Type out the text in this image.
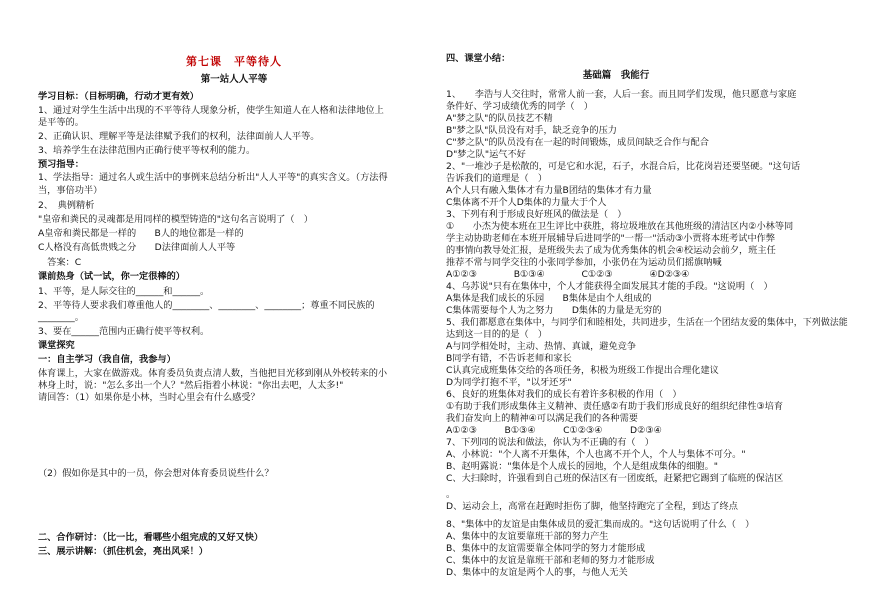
第七课　平等待人
第一站人人平等
学习目标：（目标明确，行动才更有效）
1、通过对学生生活中出现的不平等待人现象分析，使学生知道人在人格和法律地位上
是平等的。
2、正确认识、理解平等是法律赋予我们的权利，法律面前人人平等。
3、培养学生在法律范围内正确行使平等权利的能力。
预习指导：
1、学法指导：通过名人或生活中的事例来总结分析出"人人平等"的真实含义。（方法得
当，事倍功半）
2、　典例精析
"皇帝和粪民的灵魂都是用同样的模型铸造的"这句名言说明了（　）
A皇帝和粪民都是一样的　　B人的地位都是一样的
C人格没有高低贵贱之分　　D法律面前人人平等
　答案：C
课前热身（试一试，你一定很棒的）
1、平等，是人际交往的______和______。
2、平等待人要求我们尊重他人的________、________、________；尊重不同民族的
________。
3、要在______范围内正确行使平等权利。
课堂探究
一：自主学习（我自信，我参与）
体育课上，大家在做游戏。体育委员负责点清人数，当他把目光移到刚从外校转来的小
林身上时，说："怎么多出一个人？"然后指着小林说："你出去吧，人太多!"
请回答：（1）如果你是小林，当时心里会有什么感受？
（2）假如你是其中的一员，你会想对体育委员说些什么？
二、合作研讨：（比一比，看哪些小组完成的又好又快）
三、展示讲解：（抓住机会，亮出风采！）
四、课堂小结：
基础篇　我能行
1、　　李浩与人交往时，常常人前一套，人后一套。而且同学们发现，他只愿意与家庭
条件好、学习成绩优秀的同学（　）
A"梦之队"的队员技艺不精
B"梦之队"队员没有对手，缺乏竞争的压力
C"梦之队"的队员没有在一起的时间锻炼，成员间缺乏合作与配合
D"梦之队"运气不好
2、"一堆沙子是松散的，可是它和水泥，石子，水混合后，比花岗岩还要坚硬。"这句话
告诉我们的道理是（　）
A个人只有融入集体才有力量B团结的集体才有力量
C集体离不开个人D集体的力量大于个人
3、下列有利于形成良好班风的做法是（　）
①　　小杰为使本班在卫生评比中获胜，将垃圾堆放在其他班级的清洁区内②小林等同
学主动协助老师在本班开展辅导后进同学的"一帮一"活动③小贾将本班考试中作弊
的事情向教导处汇报，是班级失去了成为优秀集体的机会④校运动会前夕，班主任
推荐不常与同学交往的小张同学参加，小张仍在为运动员们摇旗呐喊
A①②③　　　　B①③④　　　　C①②③　　　　④D②③④
4、乌苏说"只有在集体中，个人才能获得全面发展其才能的手段。"这说明（　）
A集体是我们成长的乐园　　B集体是由个人组成的
C集体需要每个人为之努力　　D集体的力量是无穷的
5、我们都愿意在集体中，与同学们和睦相处，共同进步，生活在一个团结友爱的集体中，下列做法能
达到这一目的的是（　）
A与同学相处时，主动、热情、真诚，避免竞争
B同学有错，不告诉老师和家长
C认真完成班集体交给的各项任务，积极为班级工作提出合理化建议
D为同学打抱不平，"以牙还牙"
6、良好的班集体对我们的成长有着许多积极的作用（　）
①有助于我们形成集体主义精神、责任感②有助于我们形成良好的组织纪律性③培育
我们奋发向上的精神④可以满足我们的各种需要
A①②③　　　B①③④　　　C①②③④　　　D②③④
7、下列同的说法和做法，你认为不正确的有（　）
A、小林说："个人离不开集体，个人也离不开个人，个人与集体不可分。"
B、赵明露说："集体是个人成长的园地，个人是组成集体的细胞。"
C、大扫除时，许强看到自己班的保洁区有一团废纸，赶紧把它踢到了临班的保洁区
。
D、运动会上，高常在赶跑时拒伤了脚，他坚持跑完了全程，到达了终点
8、"集体中的友谊是由集体成员的爱汇集而成的。"这句话说明了什么（　）
A、集体中的友谊要靠班干部的努力产生
B、集体中的友谊需要靠全体同学的努力才能形成
C、集体中的友谊是靠班干部和老师的努力才能形成
D、集体中的友谊是两个人的事，与他人无关
